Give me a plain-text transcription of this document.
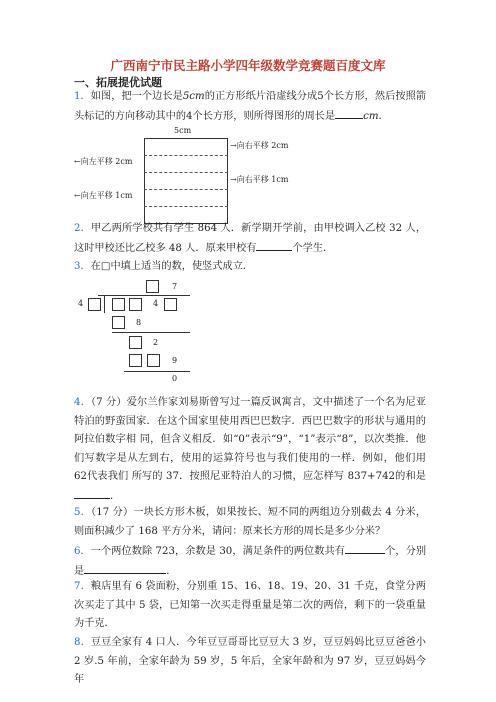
广西南宁市民主路小学四年级数学竞赛题百度文库
一、拓展提优试题

1．如图，把一个边长是5cm的正方形纸片沿虚线分成5个长方形，然后按照箭头标记的方向移动其中的4个长方形，则所得图形的周长是	cm．

5cm
→向右平移 2cm
→向右平移 1cm
←向左平移 2cm
←向左平移 1cm

2．甲乙两所学校共有学生 864 人．新学期开学前，由甲校调入乙校 32 人，这时甲校还比乙校多 48 人．原来甲校有	个学生．

3．在□中填上适当的数，使竖式成立．

7
4	4
8
2
9
0

4．（7 分）爱尔兰作家刘易斯曾写过一篇反讽寓言，文中描述了一个名为尼亚特泊的野蛮国家．在这个国家里使用西巴巴数字．西巴巴数字的形状与通用的阿拉伯数字相 同，但含义相反．如“0”表示“9”，“1”表示“8”，以次类推．他们写数字是从左到右，使用的运算符号也与我们使用的一样．例如，他们用 62代表我们 所写的 37．按照尼亚特泊人的习惯，应怎样写 837+742的和是．

5．（17 分）一块长方形木板，如果按长、短不同的两组边分别截去 4 分米，则面积减少了 168 平方分米，请问：原来长方形的周长是多少分米？

6．一个两位数除 723，余数是 30，满足条件的两位数共有	个，分别是	．

7．粮店里有 6 袋面粉，分别重 15、16、18、19、20、31 千克，食堂分两次买走了其中 5 袋，已知第一次买走得重量是第二次的两倍，剩下的一袋重量为千克．

8．豆豆全家有 4 口人．今年豆豆哥哥比豆豆大 3 岁，豆豆妈妈比豆豆爸爸小 2 岁.5 年前，全家年龄为 59 岁，5 年后，全家年龄和为 97 岁，豆豆妈妈今年
